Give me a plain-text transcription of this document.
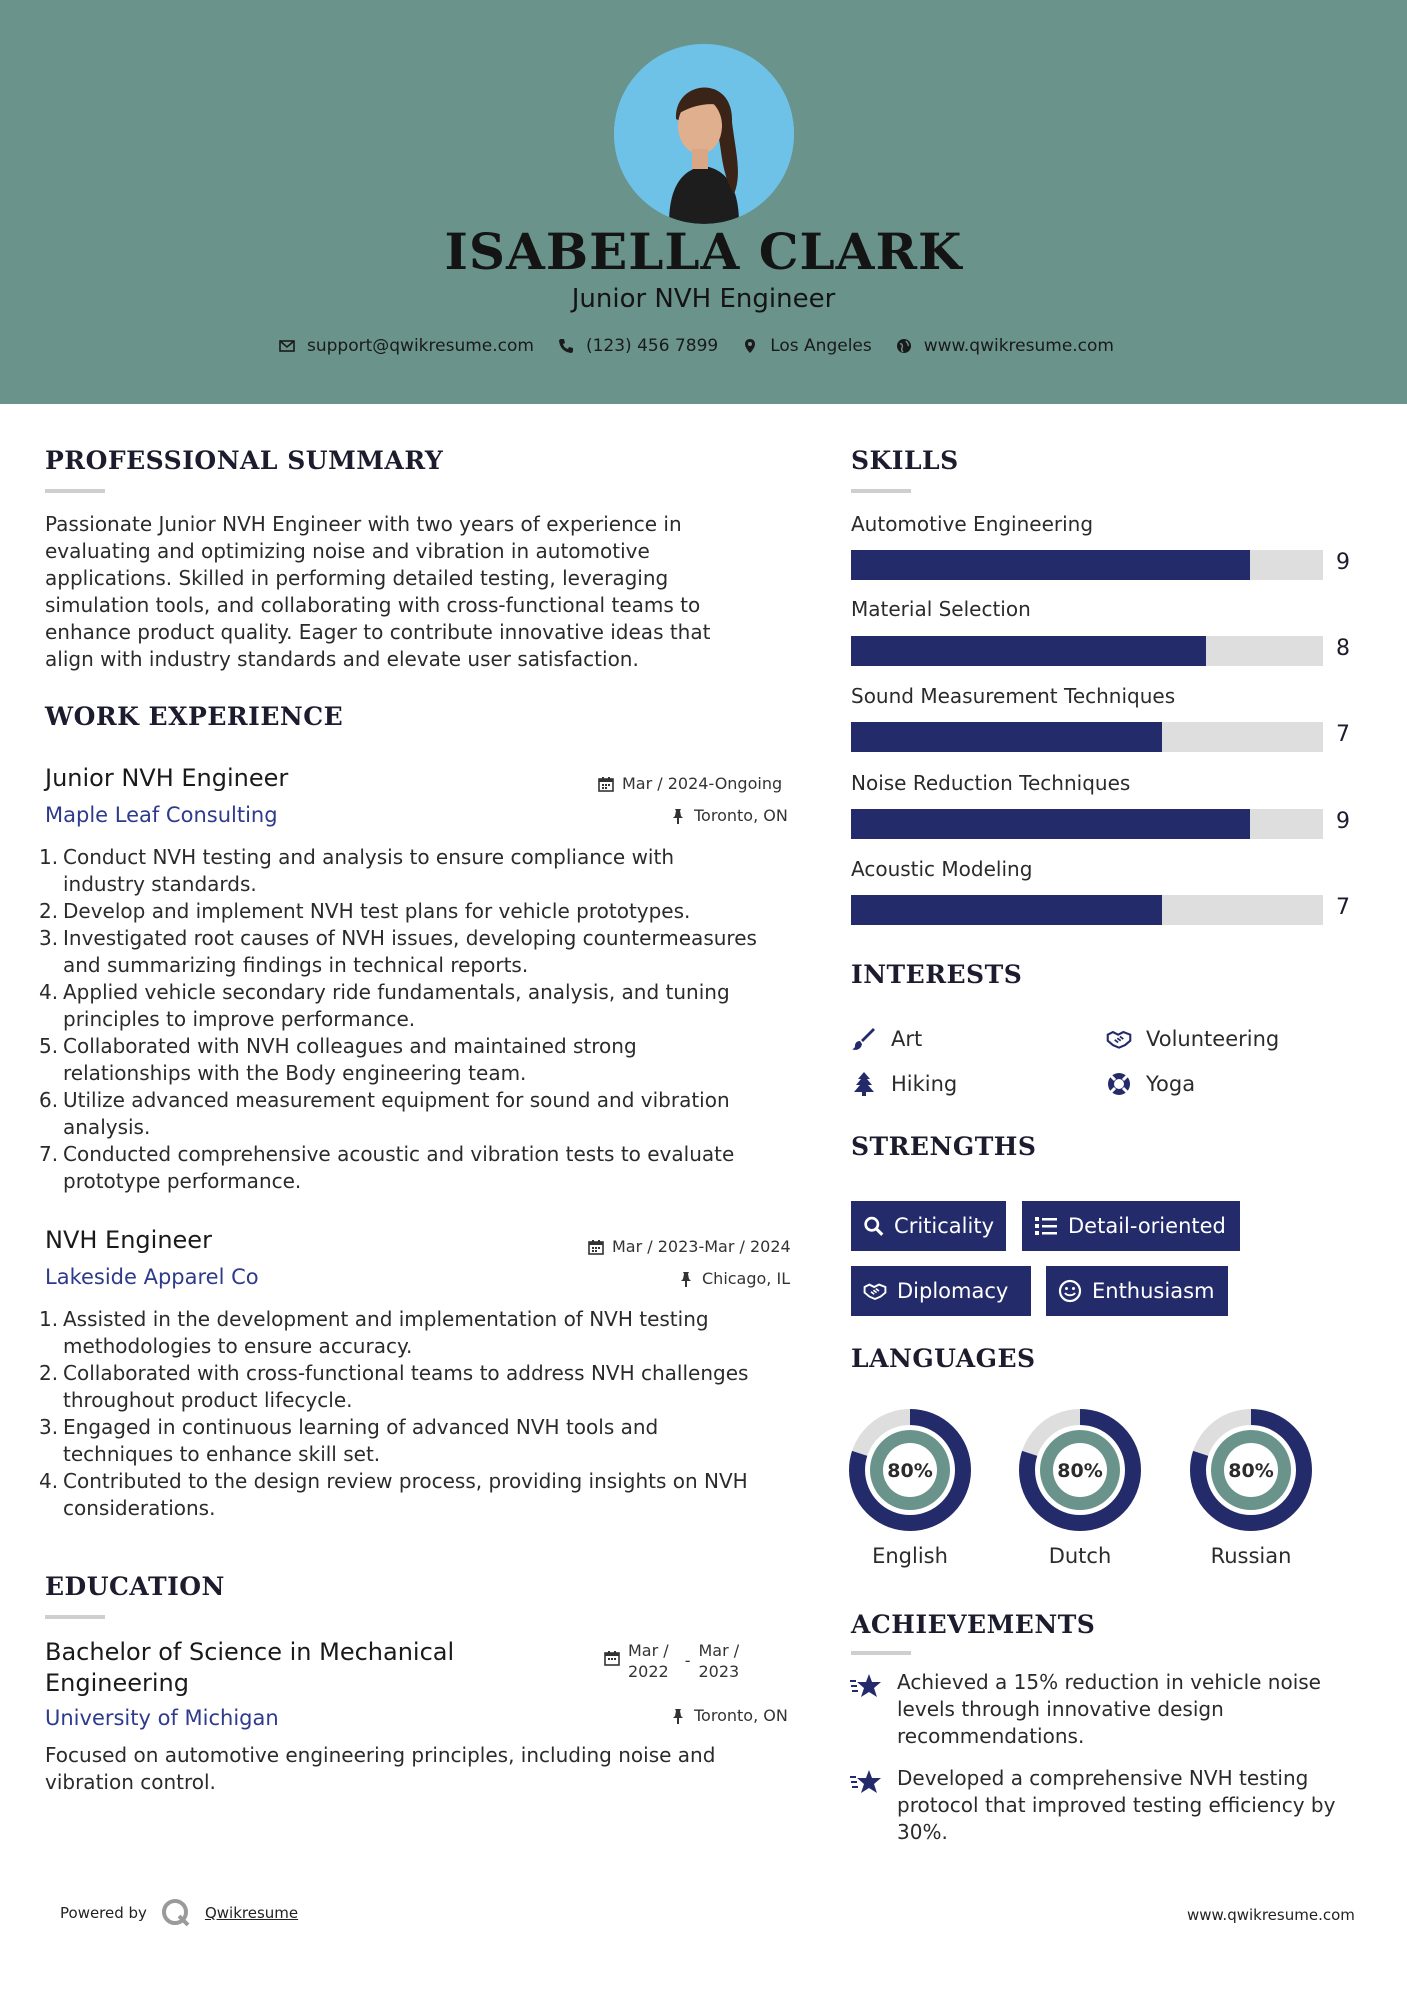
ISABELLA CLARK
Junior NVH Engineer
support@qwikresume.com	(123) 456 7899	Los Angeles	www.qwikresume.com
PROFESSIONAL SUMMARY
Passionate Junior NVH Engineer with two years of experience in
evaluating and optimizing noise and vibration in automotive
applications. Skilled in performing detailed testing, leveraging
simulation tools, and collaborating with cross-functional teams to
enhance product quality. Eager to contribute innovative ideas that
align with industry standards and elevate user satisfaction.
WORK EXPERIENCE
Junior NVH Engineer	Mar / 2024-Ongoing
Maple Leaf Consulting	Toronto, ON
1. Conduct NVH testing and analysis to ensure compliance with
industry standards.
2. Develop and implement NVH test plans for vehicle prototypes.
3. Investigated root causes of NVH issues, developing countermeasures
and summarizing findings in technical reports.
4. Applied vehicle secondary ride fundamentals, analysis, and tuning
principles to improve performance.
5. Collaborated with NVH colleagues and maintained strong
relationships with the Body engineering team.
6. Utilize advanced measurement equipment for sound and vibration
analysis.
7. Conducted comprehensive acoustic and vibration tests to evaluate
prototype performance.
NVH Engineer	Mar / 2023-Mar / 2024
Lakeside Apparel Co	Chicago, IL
1. Assisted in the development and implementation of NVH testing
methodologies to ensure accuracy.
2. Collaborated with cross-functional teams to address NVH challenges
throughout product lifecycle.
3. Engaged in continuous learning of advanced NVH tools and
techniques to enhance skill set.
4. Contributed to the design review process, providing insights on NVH
considerations.
EDUCATION
Bachelor of Science in Mechanical
Engineering
Mar /
2022
-
Mar /
2023
University of Michigan	Toronto, ON
Focused on automotive engineering principles, including noise and
vibration control.
SKILLS
Automotive Engineering
9
Material Selection
8
Sound Measurement Techniques
7
Noise Reduction Techniques
9
Acoustic Modeling
7
INTERESTS
Art	Volunteering
Hiking	Yoga
STRENGTHS
Criticality	Detail-oriented
Diplomacy	Enthusiasm
LANGUAGES
80%
English
80%
Dutch
80%
Russian
ACHIEVEMENTS
Achieved a 15% reduction in vehicle noise
levels through innovative design
recommendations.
Developed a comprehensive NVH testing
protocol that improved testing efficiency by
30%.
Powered by	Qwikresume	www.qwikresume.com
